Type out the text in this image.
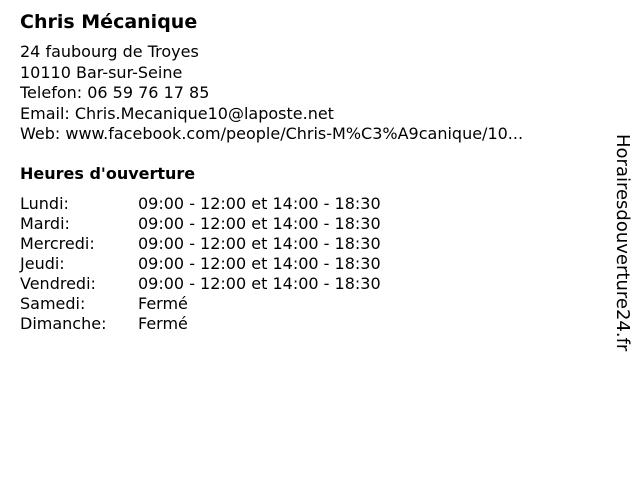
Chris Mécanique
24 faubourg de Troyes
10110 Bar-sur-Seine
Telefon: 06 59 76 17 85
Email: Chris.Mecanique10@laposte.net
Web: www.facebook.com/people/Chris-M%C3%A9canique/10...
Heures d'ouverture
Lundi:	09:00 - 12:00 et 14:00 - 18:30
Mardi:	09:00 - 12:00 et 14:00 - 18:30
Mercredi:	09:00 - 12:00 et 14:00 - 18:30
Jeudi:	09:00 - 12:00 et 14:00 - 18:30
Vendredi:	09:00 - 12:00 et 14:00 - 18:30
Samedi:	Fermé
Dimanche:	Fermé	Horairesdouverture24.fr
